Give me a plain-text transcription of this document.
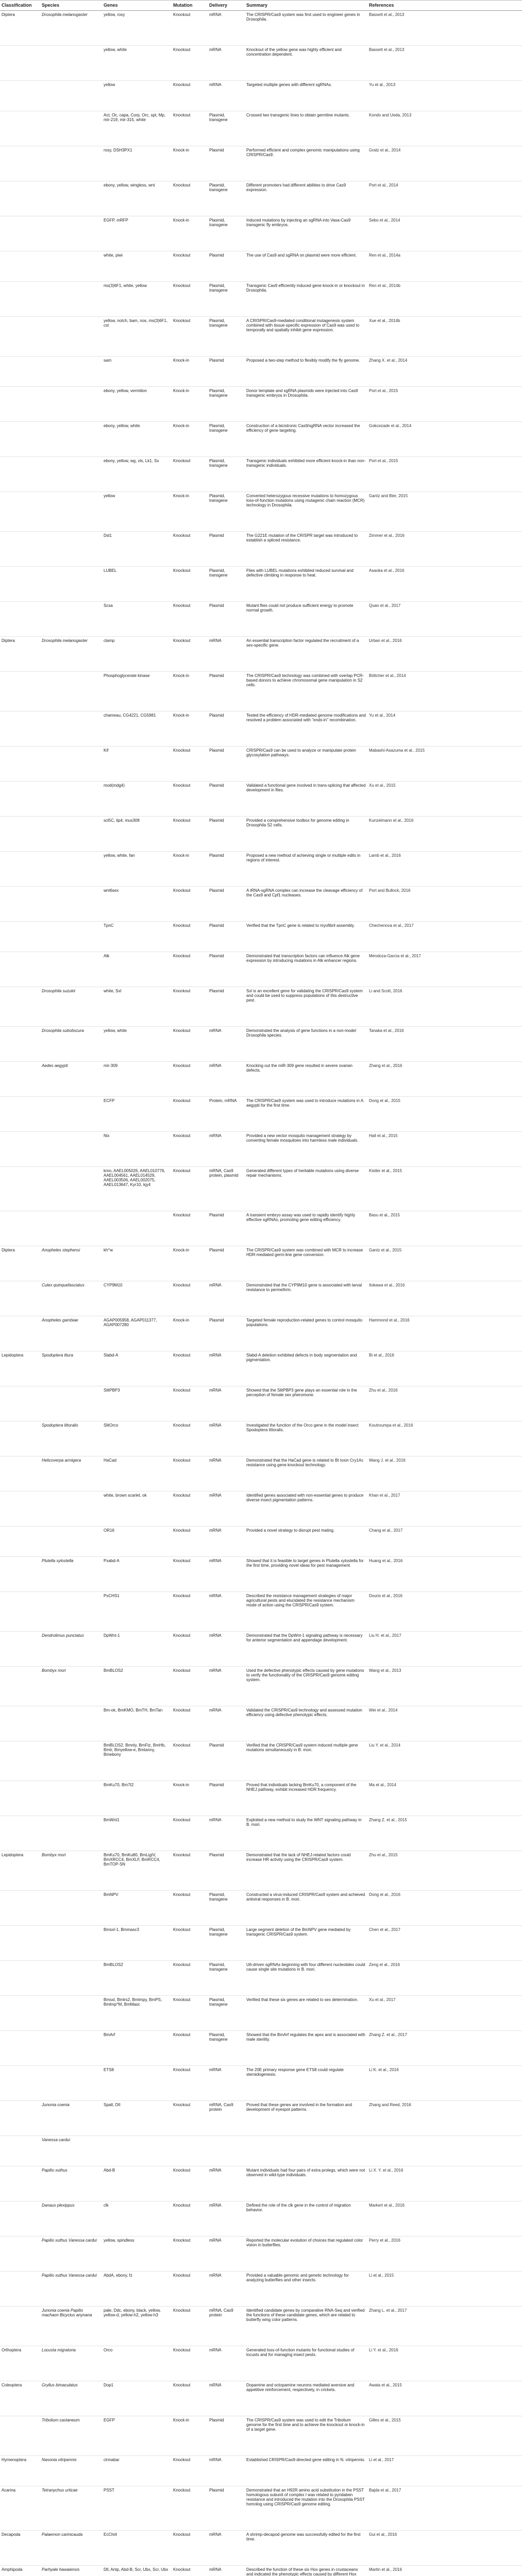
Classification	Species	Genes	Mutation	Delivery	Summary	References
Diptera	Drosophila melanogaster	yellow, rosy	Knockout	mRNA	The CRISPR/Cas9 system was first used to engineer genes in Drosophila.	Bassett et al., 2013
		yellow, white	Knockout	mRNA	Knockout of the yellow gene was highly efficient and concentration dependent.	Bassett et al., 2013
		yellow	Knockout	mRNA	Targeted multiple genes with different sgRNAs.	Yu et al., 2013
		Act, Oc, capa, Corp, Orc, spt, Mp, mir-219, mir-315, white	Knockout	Plasmid, transgene	Crossed two transgenic lines to obtain germline mutants.	Kondo and Ueda, 2013
		rosy, DSH3PX1	Knock-in	Plasmid	Performed efficient and complex genomic manipulations using CRISPR/Cas9.	Gratz et al., 2014
		ebony, yellow, wingless, wnt	Knockout	Plasmid, transgene	Different promoters had different abilities to drive Cas9 expression.	Port et al., 2014
		EGFP, mRFP	Knock-in	Plasmid, transgene	Induced mutations by injecting an sgRNA into Vasa-Cas9 transgenic fly embryos.	Sebo et al., 2014
		white, piwi	Knockout	Plasmid	The use of Cas9 and sgRNA on plasmid were more efficient.	Ren et al., 2014a
		ms(3)6F1, white, yellow	Knockout	Plasmid, transgene	Transgenic Cas9 efficiently induced gene knock-in or knockout in Drosophila.	Ren et al., 2014b
		yellow, notch, bam, nos, ms(3)6F1, cst	Knockout	Plasmid, transgene	A CRISPR/Cas9-mediated conditional mutagenesis system combined with tissue-specific expression of Cas9 was used to temporally and spatially inhibit gene expression.	Xue et al., 2014b
		sam	Knock-in	Plasmid	Proposed a two-step method to flexibly modify the fly genome.	Zhang X. et al., 2014
		ebony, yellow, vermilion	Knock-in	Plasmid, transgene	Donor template and sgRNA plasmids were injected into Cas9 transgenic embryos in Drosophila.	Port et al., 2015
		ebony, yellow, white	Knock-in	Plasmid, transgene	Construction of a bicistronic Cas9/sgRNA vector increased the efficiency of gene targeting.	Gokcezade et al., 2014
		ebony, yellow, wg, vls, Lk1, Sx	Knockout	Plasmid, transgene	Transgenic individuals exhibited more efficient knock-in than non-transgenic individuals.	Port et al., 2015
		yellow	Knock-in	Plasmid, transgene	Converted heterozygous recessive mutations to homozygous loss-of-function mutations using mutagenic chain reaction (MCR) technology in Drosophila.	Gantz and Bier, 2015
		Dsl1	Knockout	Plasmid	The G221E mutation of the CRISPR target was introduced to establish a spliced resistance.	Zimmer et al., 2016
		LUBEL	Knockout	Plasmid, transgene	Flies with LUBEL mutations exhibited reduced survival and defective climbing in response to heat.	Asaoka et al., 2016
		Scsa	Knockout	Plasmid	Mutant flies could not produce sufficient energy to promote normal growth.	Quan et al., 2017
Diptera	Drosophila melanogaster	clamp	Knockout	mRNA	An essential transcription factor regulated the recruitment of a sex-specific gene.	Urban et al., 2016
		Phosphoglycerate kinase	Knock-in	Plasmid	The CRISPR/Cas9 technology was combined with overlap PCR-based donors to achieve chromosomal gene manipulation in S2 cells.	Böttcher et al., 2014
		chameau, CG4221, CG5981	Knock-in	Plasmid	Tested the efficiency of HDR-mediated genome modifications and resolved a problem associated with "ends-in" recombination.	Yu et al., 2014
		Kif	Knockout	Plasmid	CRISPR/Cas9 can be used to analyze or manipulate protein glycosylation pathways.	Mabashi-Asazuma et al., 2015
		mod(mdg4)	Knockout	Plasmid	Validated a functional gene involved in trans-splicing that affected development in flies.	Xu et al., 2015
		scl5C, lip4, mus308	Knockout	Plasmid	Provided a comprehensive toolbox for genome editing in Drosophila S2 cells.	Kunzelmann et al., 2016
		yellow, white, fan	Knock-in	Plasmid	Proposed a new method of achieving single or multiple edits in regions of interest.	Lamb et al., 2016
		wnt6sex	Knockout	Plasmid	A tRNA-sgRNA complex can increase the cleavage efficiency of the Cas9 and Cpf1 nucleases.	Port and Bullock, 2016
		TpnC	Knockout	Plasmid	Verified that the TpnC gene is related to myofibril assembly.	Chechenova et al., 2017
		Alk	Knockout	Plasmid	Demonstrated that transcription factors can influence Alk gene expression by introducing mutations in Alk enhancer regions.	Mendoza-Garcia et al., 2017
	Drosophila suzukii	white, Sxl	Knockout	Plasmid	Sxl is an excellent gene for validating the CRISPR/Cas9 system and could be used to suppress populations of this destructive pest.	Li and Scott, 2016
	Drosophila subobscura	yellow, white	Knockout	mRNA	Demonstrated the analysis of gene functions in a non-model Drosophila species.	Tanaka et al., 2016
	Aedes aegypti	mir-309	Knockout	mRNA	Knocking out the miR-309 gene resulted in severe ovarian defects.	Zhang et al., 2016
		ECFP	Knockout	Protein, mRNA	The CRISPR/Cas9 system was used to introduce mutations in A. aegypti for the first time.	Dong et al., 2015
		Nix	Knockout	mRNA	Provided a new vector mosquito management strategy by converting female mosquitoes into harmless male individuals.	Hall et al., 2015
		kmo, AAEL005026, AAEL010776, AAEL004561, AAEL014529, AAEL003506, AAEL002075, AAEL013647, Kyr10, kjy4	Knockout	mRNA, Cas9 protein, plasmid	Generated different types of heritable mutations using diverse repair mechanisms.	Kistler et al., 2015
			Knockout	Plasmid	A transient embryo assay was used to rapidly identify highly effective sgRNAs, promoting gene editing efficiency.	Basu et al., 2015
Diptera	Anopheles stephensi	kh^w	Knock-in	Plasmid	The CRISPR/Cas9 system was combined with MCR to increase HDR-mediated germ-line gene conversion.	Gantz et al., 2015
	Culex quinquefasciatus	CYP9M10	Knockout	mRNA	Demonstrated that the CYP9M10 gene is associated with larval resistance to permethrin.	Itokawa et al., 2016
	Anopheles gambiae	AGAP005958, AGAP011377, AGAP007280	Knock-in	Plasmid	Targeted female reproduction-related genes to control mosquito populations.	Hammond et al., 2016
Lepidoptera	Spodoptera litura	Slabd-A	Knockout	mRNA	Slabd-A deletion exhibited defects in body segmentation and pigmentation.	Bi et al., 2016
		SlitPBP3	Knockout	mRNA	Showed that the SlitPBP3 gene plays an essential role in the perception of female sex pheromone.	Zhu et al., 2016
	Spodoptera littoralis	SlitOrco	Knockout	mRNA	Investigated the function of the Orco gene in the model insect Spodoptera littoralis.	Koutroumpa et al., 2016
	Helicoverpa armigera	HaCad	Knockout	mRNA	Demonstrated that the HaCad gene is related to Bt toxin Cry1Ac resistance using gene knockout technology.	Wang J. et al., 2016
		white, brown scarlet, ok	Knockout	mRNA	Identified genes associated with non-essential genes to produce diverse insect pigmentation patterns.	Khan et al., 2017
		OR16	Knockout	mRNA	Provided a novel strategy to disrupt pest mating.	Chang et al., 2017
	Plutella xylostella	Pxabd-A	Knockout	mRNA	Showed that it is feasible to target genes in Plutella xylostella for the first time, providing novel ideas for pest management.	Huang et al., 2016
		PxCHS1	Knockout	mRNA	Described the resistance management strategies of major agricultural pests and elucidated the resistance mechanism mode of action using the CRISPR/Cas9 system.	Douris et al., 2016
	Dendrolimus punctatus	DpWnt-1	Knockout	mRNA	Demonstrated that the DpWnt-1 signaling pathway is necessary for anterior segmentation and appendage development.	Liu H. et al., 2017
	Bombyx mori	BmBLOS2	Knockout	mRNA	Used the defective phenotypic effects caused by gene mutations to verify the functionality of the CRISPR/Cas9 genome editing system.	Wang et al., 2013
		Bm-ok, BmKMO, BmTH, BmTan	Knockout	mRNA	Validated the CRISPR/Cas9 technology and assessed mutation efficiency using defective phenotypic effects.	Wei et al., 2014
		BmBLOS2, Bmnly, BmFtz, BmHb, Bmtr, Bmyellow-e, Bmtanny, Bmebony	Knockout	Plasmid	Verified that the CRISPR/Cas9 system induced multiple gene mutations simultaneously in B. mori.	Liu Y. et al., 2014
		BmKu70, Bm7t2	Knock-in	Plasmid	Proved that individuals lacking BmKu70, a component of the NHEJ pathway, exhibit increased HDR frequency.	Ma et al., 2014
		BmWnt1	Knockout	mRNA	Exploited a new method to study the WNT signaling pathway in B. mori.	Zhang Z. et al., 2015
Lepidoptera	Bombyx mori	BmKu70, BmKu80, BmLigIV, BmXRCC4, BmXLF, BmRCC4, BmTOP-SN	Knockout	Plasmid	Demonstrated that the lack of NHEJ-related factors could increase HR activity using the CRISPR/Cas9 system.	Zhu et al., 2015
		BmNPV	Knockout	Plasmid, transgene	Constructed a virus-induced CRISPR/Cas9 system and achieved antiviral responses in B. mori.	Dong et al., 2016
		Bmsxl-1, Bmmasc3	Knockout	Plasmid, transgene	Large segment deletion of the BmNPV gene mediated by transgenic CRISPR/Cas9 system.	Chen et al., 2017
		BmBLOS2	Knockout	Plasmid, transgene	U6-driven sgRNAs beginning with four different nucleotides could cause single site mutations in B. mori.	Zeng et al., 2016
		Bmsxl, Bmlrs2, Bmlmpy, BmPS, Bmlmp^M, BmMasc	Knockout	Plasmid, transgene	Verified that these six genes are related to sex determination.	Xu et al., 2017
		BmArf	Knockout	Plasmid, transgene	Showed that the BmArf regulates the apex and is associated with male sterility.	Zhang Z. et al., 2017
		ETS8	Knockout	mRNA	The 20E primary response gene ETS8 could regulate steroidogenesis.	Li K. et al., 2016
	Junonia coenia	Spalt, DII	Knockout	mRNA, Cas9 protein	Proved that these genes are involved in the formation and development of eyespot patterns.	Zhang and Reed, 2016
	Vanessa cardui					
	Papilio xuthus	Abd-B	Knockout	mRNA	Mutant individuals had four pairs of extra prolegs, which were not observed in wild-type individuals.	Li X. Y. et al., 2016
	Danaus plexippus	clk	Knockout	mRNA	Defined the role of the clk gene in the control of migration behavior.	Markert et al., 2016
	Papilio xuthus Vanessa cardui	yellow, spindless	Knockout	mRNA	Reported the molecular evolution of choices that regulated color vision in butterflies.	Perry et al., 2016
	Papilio xuthus Vanessa cardui	AbdA, ebony, fz	Knockout	mRNA	Provided a valuable genomic and genetic technology for analyzing butterflies and other insects.	Li et al., 2015
	Junonia coenia Papilio machaon Bicyclus anynana	pale, Ddc, ebony, black, yellow, yellow-d, yellow-h2, yellow-h3	Knockout	mRNA, Cas9 protein	Identified candidate genes by comparative RNA-Seq and verified the functions of these candidate genes, which are related to butterfly wing color patterns.	Zhang L. et al., 2017
Orthoptera	Locusta migratoria	Orco	Knockout	mRNA	Generated loss-of-function mutants for functional studies of locusts and for managing insect pests.	Li Y. et al., 2016
Coleoptera	Gryllus bimaculatus	Dop1	Knockout	mRNA	Dopamine and octopamine neurons mediated aversive and appetitive reinforcement, respectively, in crickets.	Awata et al., 2015
	Tribolium castaneum	EGFP	Knock-in	Plasmid	The CRISPR/Cas9 system was used to edit the Tribolium genome for the first time and to achieve the knockout or knock-in of a target gene.	Gilles et al., 2015
Hymenoptera	Nasonia vitripennis	cinnabar	Knockout	mRNA	Established CRISPR/Cas9-directed gene editing in N. vitripennis.	Li et al., 2017
Acarina	Tetranychus urticae	PSST	Knockout	Plasmid	Demonstrated that an H92R amino acid substitution in the PSST homologous subunit of complex I was related to pyridaben resistance and introduced the mutation into the Drosophila PSST homolog using CRISPR/Cas9 genome editing.	Bajda et al., 2017
Decapoda	Palaemon carinicauda	EcChi4	Knockout	mRNA	A shrimp-decapod genome was successfully edited for the first time.	Gui et al., 2016
Amphipoda	Parhyale hawaiensis	Dll, Antp, Abd-B, Scr, Ubx, Scr, Ubx	Knockout	mRNA	Described the function of these six Hox genes in crustaceans and indicated the phenotypic effects caused by different Hox	Martin et al., 2016
